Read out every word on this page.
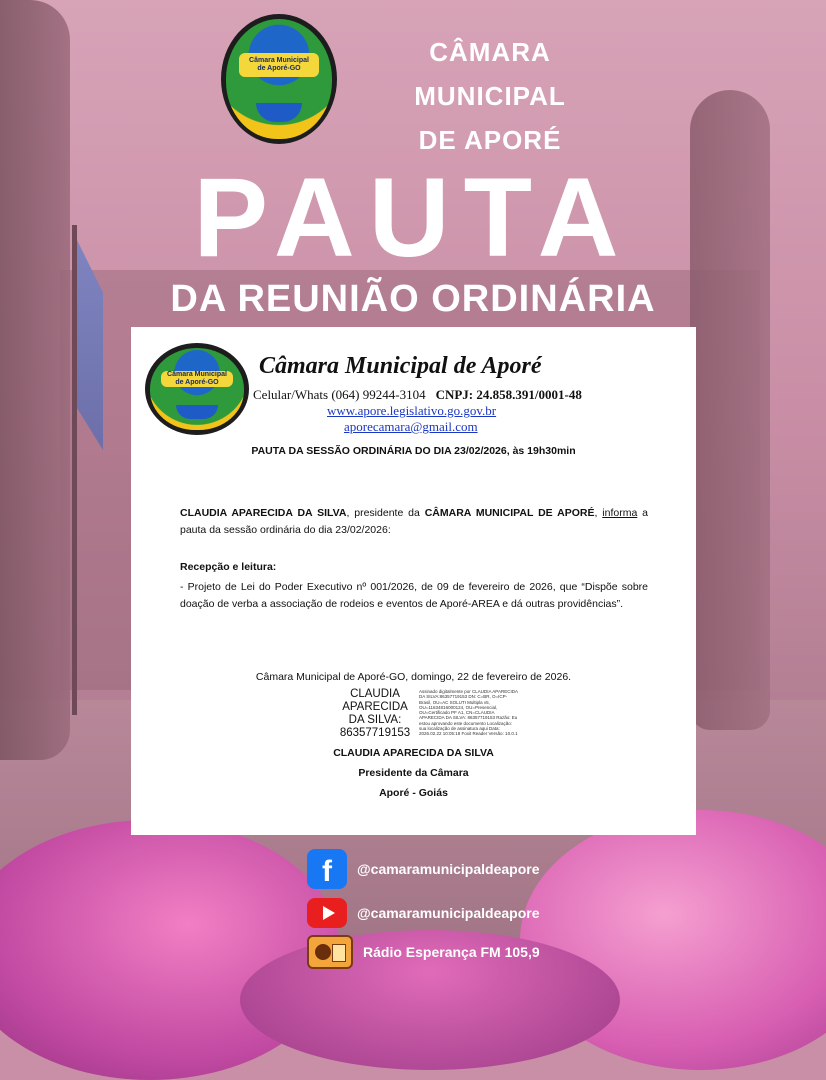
Câmara Municipal
de Aporé-GO
CÂMARA MUNICIPAL
DE APORÉ
PAUTA
DA REUNIÃO ORDINÁRIA
Câmara Municipal
de Aporé-GO
Câmara Municipal de Aporé
Celular/Whats (064) 99244-3104 CNPJ: 24.858.391/0001-48
www.apore.legislativo.go.gov.br
aporecamara@gmail.com
PAUTA DA SESSÃO ORDINÁRIA DO DIA 23/02/2026, às 19h30min
CLAUDIA APARECIDA DA SILVA, presidente da CÂMARA MUNICIPAL DE APORÉ, informa a pauta da sessão ordinária do dia 23/02/2026:
Recepção e leitura:
- Projeto de Lei do Poder Executivo nº 001/2026, de 09 de fevereiro de 2026, que “Dispõe sobre doação de verba a associação de rodeios e eventos de Aporé-AREA e dá outras providências”.
Câmara Municipal de Aporé-GO, domingo, 22 de fevereiro de 2026.
CLAUDIA
APARECIDA
DA SILVA:
86357719153
Assinado digitalmente por CLAUDIA APARECIDA DA SILVA:86357719153 DN: C=BR, O=ICP-Brasil, OU=AC SOLUTI Multipla v5, OU=11634816000124, OU=Presencial, OU=Certificado PF A1, CN=CLAUDIA APARECIDA DA SILVA: 86357719153 Razão: Eu estou aprovando este documento Localização: sua localização de assinatura aqui Data: 2026.02.22 10:05:18 Foxit Reader Versão: 10.0.1
CLAUDIA APARECIDA DA SILVA
Presidente da Câmara
Aporé - Goiás
f	@camaramunicipaldeapore
@camaramunicipaldeapore
Rádio Esperança FM 105,9
